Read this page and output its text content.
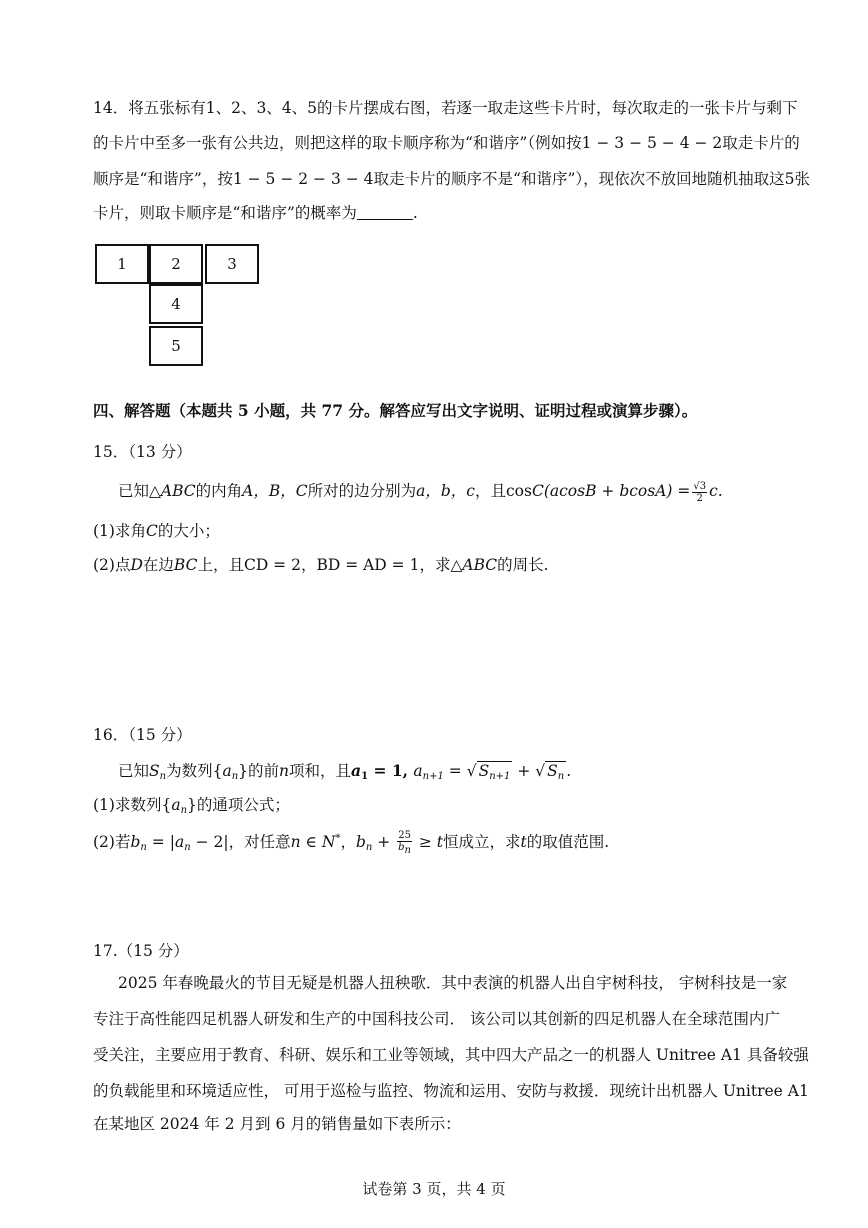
14．将五张标有1、2、3、4、5的卡片摆成右图，若逐一取走这些卡片时，每次取走的一张卡片与剩下
的卡片中至多一张有公共边，则把这样的取卡顺序称为“和谐序”（例如按1 − 3 − 5 − 4 − 2取走卡片的
顺序是“和谐序”，按1 − 5 − 2 − 3 − 4取走卡片的顺序不是“和谐序”），现依次不放回地随机抽取这5张
卡片，则取卡顺序是“和谐序”的概率为	.
1	2	3
4
5
四、解答题（本题共 5 小题，共 77 分。解答应写出文字说明、证明过程或演算步骤）。
15．（13 分）
已知△ABC的内角A，B，C所对的边分别为a，b，c，且$\cos C(acosB + bcosA) = \frac{√3}{2} c$.
(1)求角C的大小；
(2)点D在边BC上，且CD = 2，BD = AD = 1，求△ABC的周长.
16．（15 分）
已知$S_n$为数列$\{a_n\}$的前n项和，且$a_1 = 1$, $a_{n+1}$ = √ $S_{n+1}$ + √ $S_n$ .
(1)求数列$\{a_n\}$的通项公式；
(2)若$b_n = |a_n - 2|$，对任意n ∈ N*，$b_n + \frac{25}{b_n} \ge t$恒成立，求t的取值范围.
17.（15 分）
2025 年春晚最火的节目无疑是机器人扭秧歌．其中表演的机器人出自宇树科技， 宇树科技是一家
专注于高性能四足机器人研发和生产的中国科技公司． 该公司以其创新的四足机器人在全球范围内广
受关注，主要应用于教育、科研、娱乐和工业等领域，其中四大产品之一的机器人 Unitree A1 具备较强
的负载能里和环境适应性， 可用于巡检与监控、物流和运用、安防与救援．现统计出机器人 Unitree A1
在某地区 2024 年 2 月到 6 月的销售量如下表所示：
试卷第 3 页，共 4 页
